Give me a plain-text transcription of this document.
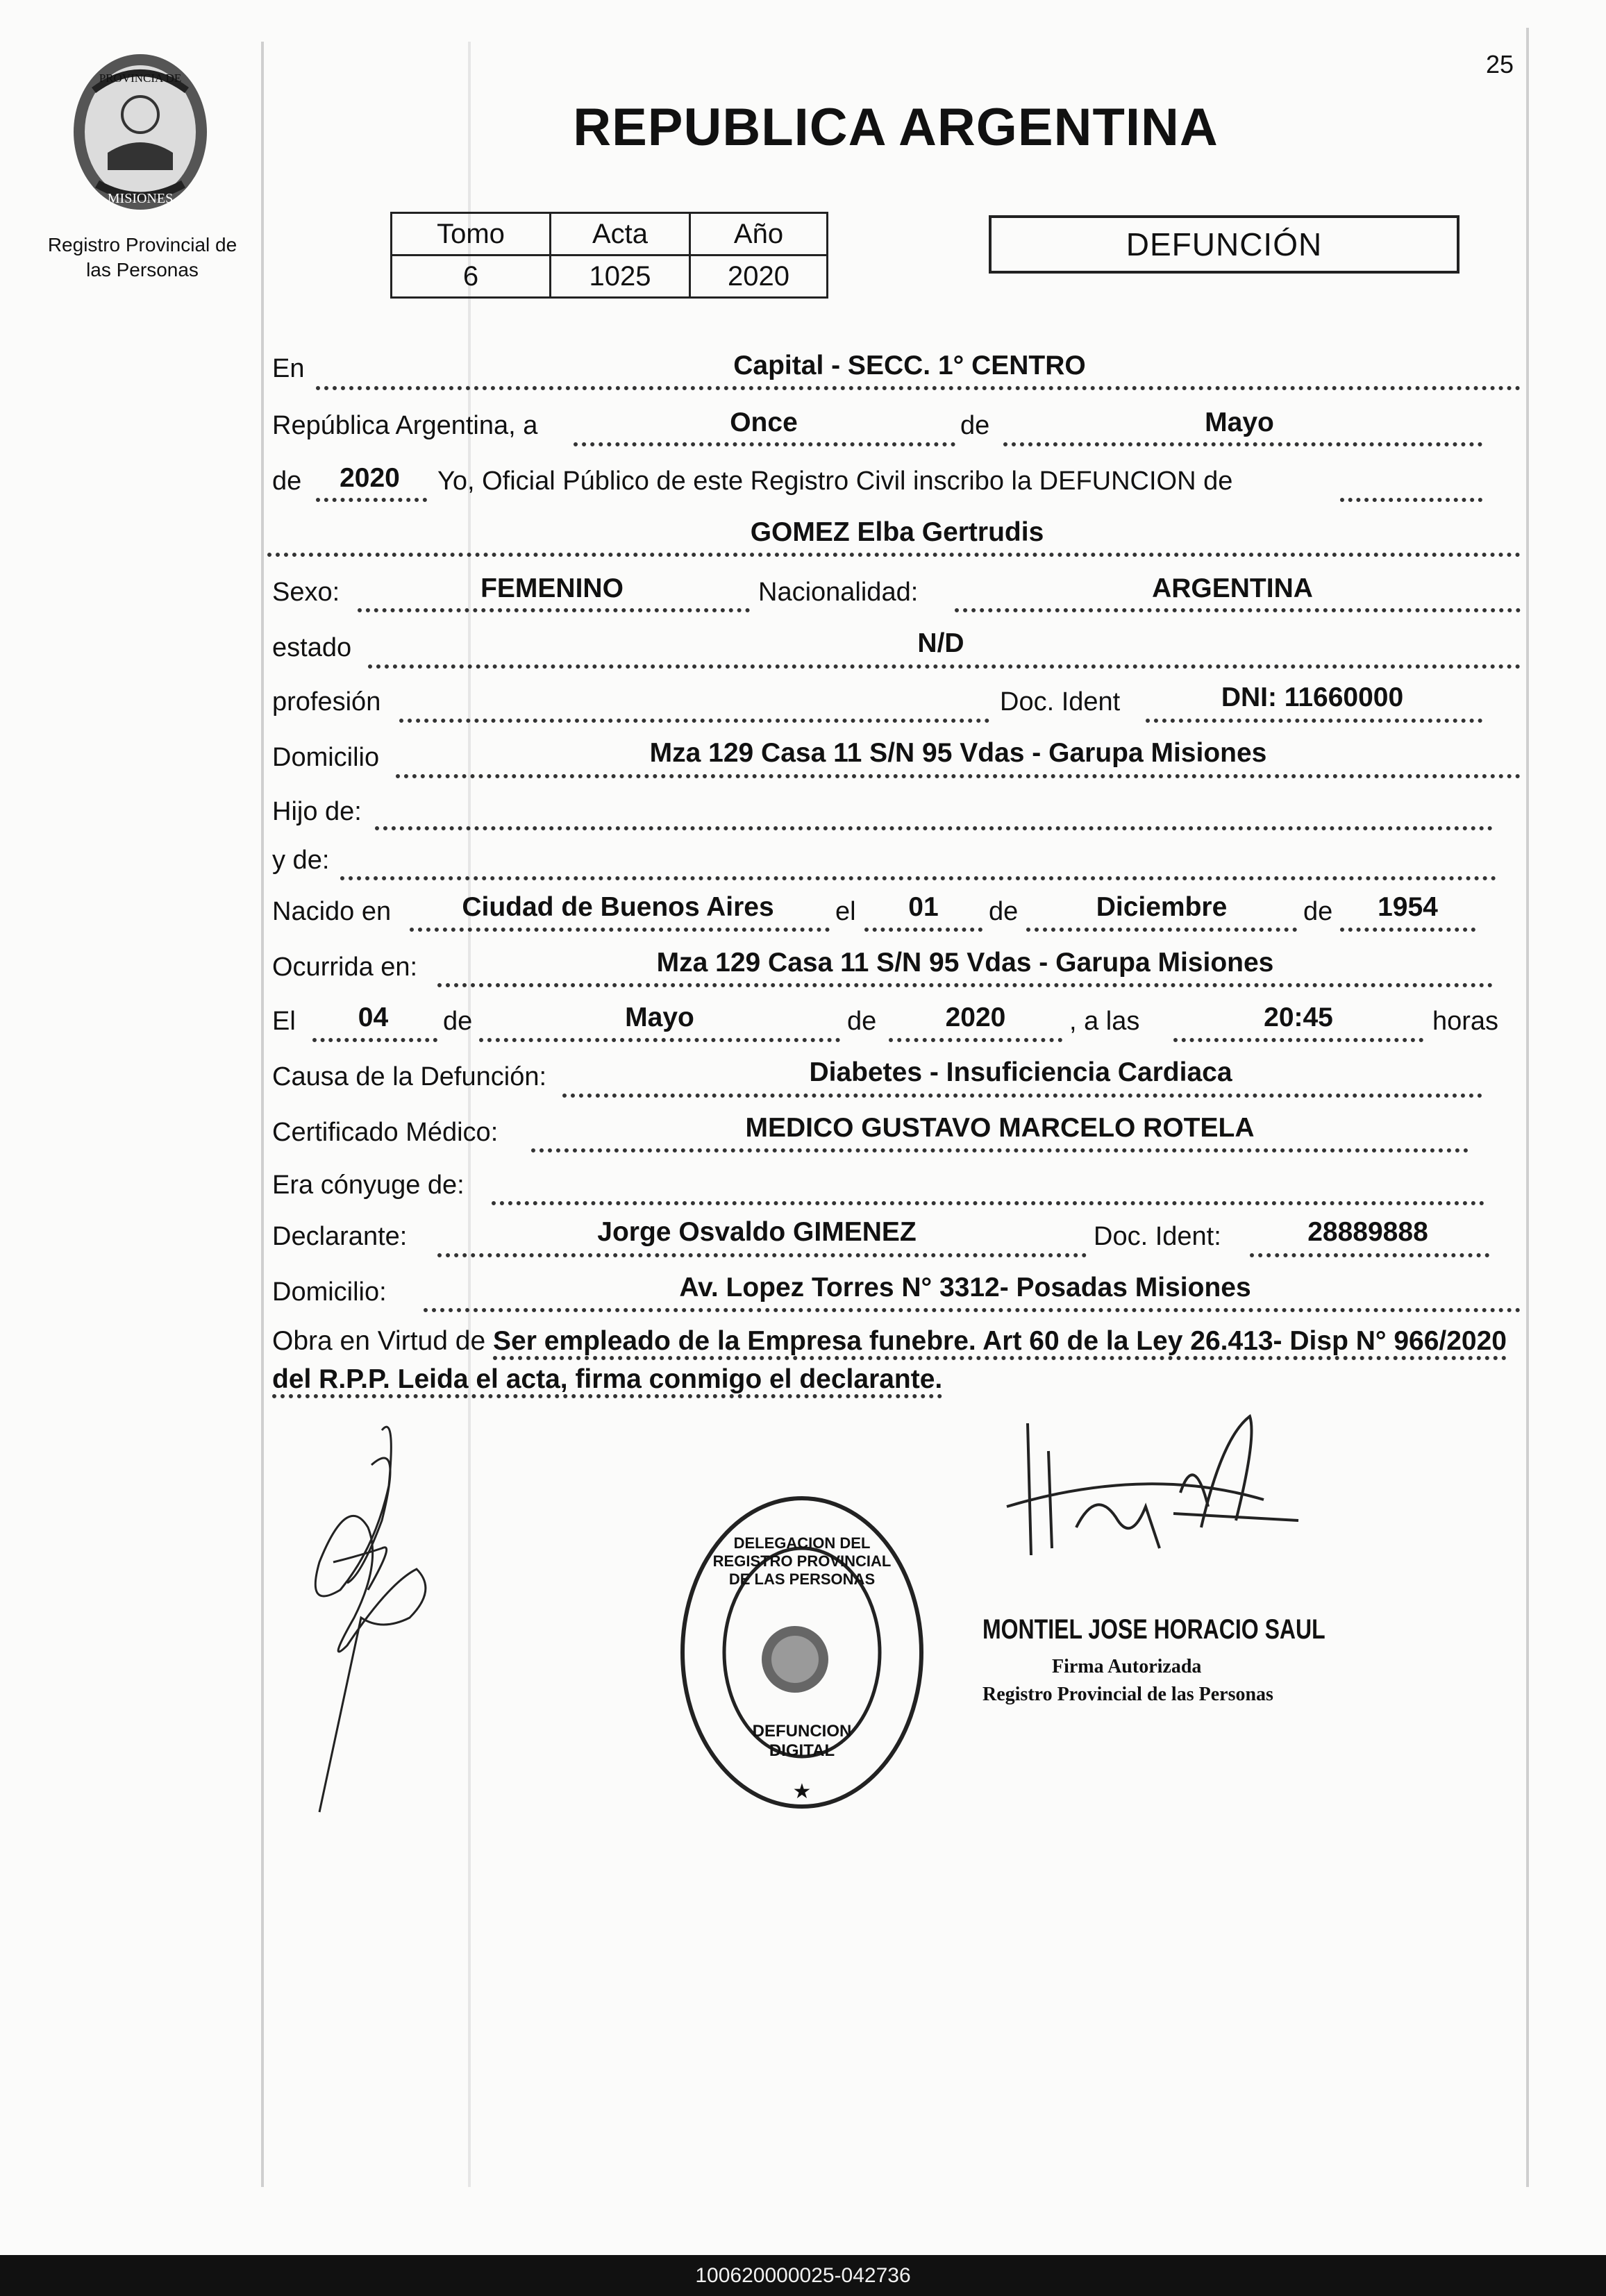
25
PROVINCIA DE
MISIONES
Registro Provincial de
las Personas
REPUBLICA ARGENTINA
Tomo	Acta	Año
6	1025	2020
DEFUNCIÓN
En	Capital - SECC. 1° CENTRO
República Argentina, a	Once	de	Mayo
de	2020	Yo, Oficial Público de este Registro Civil inscribo la DEFUNCION de
GOMEZ Elba Gertrudis
Sexo:	FEMENINO	Nacionalidad:	ARGENTINA
estado	N/D
profesión	Doc. Ident	DNI: 11660000
Domicilio	Mza 129 Casa 11 S/N 95 Vdas - Garupa Misiones
Hijo de:
y de:
Nacido en	Ciudad de Buenos Aires	el	01	de	Diciembre	de	1954
Ocurrida en:	Mza 129 Casa 11 S/N 95 Vdas - Garupa Misiones
El	04	de	Mayo	de	2020	, a las	20:45	horas
Causa de la Defunción:	Diabetes - Insuficiencia Cardiaca
Certificado Médico:	MEDICO GUSTAVO MARCELO ROTELA
Era cónyuge de:
Declarante:	Jorge Osvaldo GIMENEZ	Doc. Ident:	28889888
Domicilio:	Av. Lopez Torres N° 3312- Posadas Misiones
Obra en Virtud de Ser empleado de la Empresa funebre. Art 60 de la Ley 26.413- Disp N° 966/2020 del R.P.P. Leida el acta, firma conmigo el declarante.
★
DELEGACION DEL REGISTRO PROVINCIAL DE LAS PERSONAS
DEFUNCION DIGITAL
MONTIEL JOSE HORACIO SAUL
Firma Autorizada
Registro Provincial de las Personas
100620000025-042736
